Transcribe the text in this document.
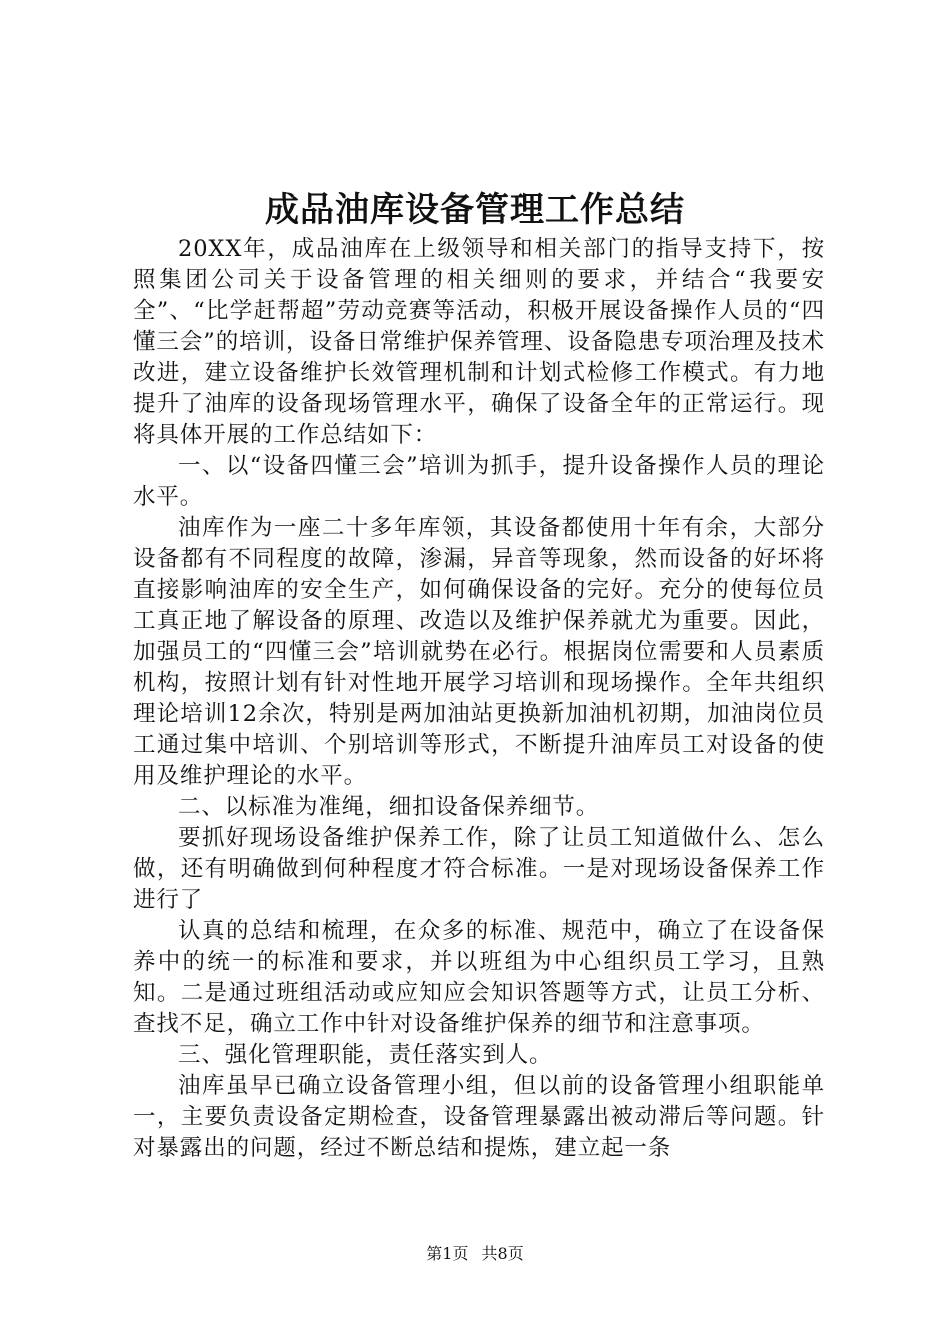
成品油库设备管理工作总结

20XX年，成品油库在上级领导和相关部门的指导支持下，按照集团公司关于设备管理的相关细则的要求，并结合“我要安全”、“比学赶帮超”劳动竞赛等活动，积极开展设备操作人员的“四懂三会”的培训，设备日常维护保养管理、设备隐患专项治理及技术改进，建立设备维护长效管理机制和计划式检修工作模式。有力地提升了油库的设备现场管理水平，确保了设备全年的正常运行。现将具体开展的工作总结如下：

一、以“设备四懂三会”培训为抓手，提升设备操作人员的理论水平。

油库作为一座二十多年库领，其设备都使用十年有余，大部分设备都有不同程度的故障，渗漏，异音等现象，然而设备的好坏将直接影响油库的安全生产，如何确保设备的完好。充分的使每位员工真正地了解设备的原理、改造以及维护保养就尤为重要。因此，加强员工的“四懂三会”培训就势在必行。根据岗位需要和人员素质机构，按照计划有针对性地开展学习培训和现场操作。全年共组织理论培训12余次，特别是两加油站更换新加油机初期，加油岗位员工通过集中培训、个别培训等形式，不断提升油库员工对设备的使用及维护理论的水平。

二、以标准为准绳，细扣设备保养细节。

要抓好现场设备维护保养工作，除了让员工知道做什么、怎么做，还有明确做到何种程度才符合标准。一是对现场设备保养工作进行了

认真的总结和梳理，在众多的标准、规范中，确立了在设备保养中的统一的标准和要求，并以班组为中心组织员工学习，且熟知。二是通过班组活动或应知应会知识答题等方式，让员工分析、查找不足，确立工作中针对设备维护保养的细节和注意事项。

三、强化管理职能，责任落实到人。

油库虽早已确立设备管理小组，但以前的设备管理小组职能单一，主要负责设备定期检查，设备管理暴露出被动滞后等问题。针对暴露出的问题，经过不断总结和提炼，建立起一条

第1页 共8页
